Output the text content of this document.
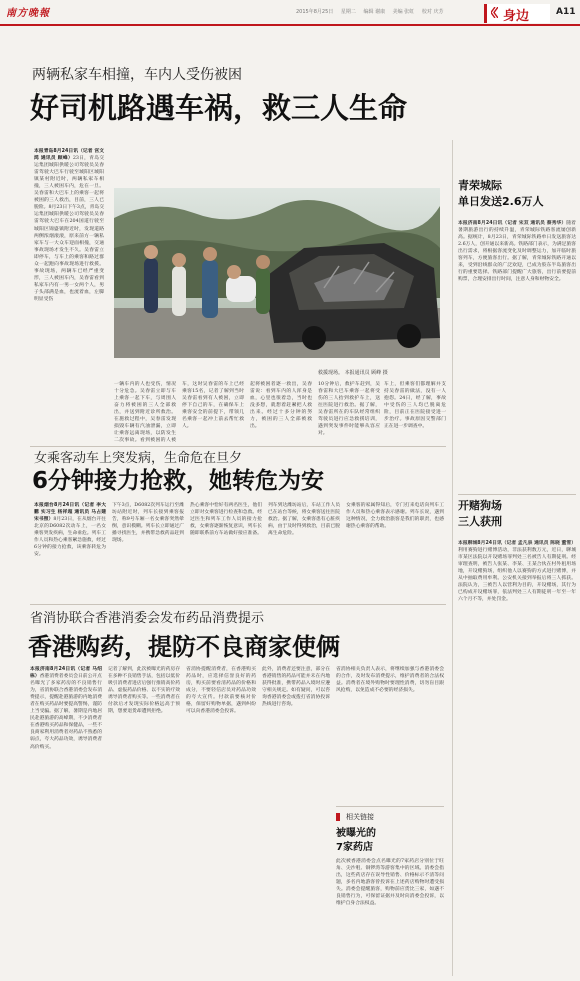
南方晚報	2015年8月25日 星期二 编辑 谢康 美编 张虹 校对 庆芳	身边	A11
两辆私家车相撞，车内人受伤被困
好司机路遇车祸，救三人生命
本报青岛8月24日讯（记者 宫文鸿 通讯员 顾峰）23日，青岛交运集团城阳供暖公司驾驶员吴春雷驾驶大巴车行驶至城阳区城阳镇某村附近时，两辆私家车相撞，三人被困车内，危在一旦。吴春雷和大巴车上的乘客一起将被困的三人救出，目前，三人已脱险。8月23日下午3点，青岛交运集团城阳供暖公司驾驶员吴春雷驾驶大巴车在204国道行驶至城阳区锦盛镇附近时，发现道路两侧浓烟滚滚，原来前方一辆私家车与一大众车迎面相撞，交通事故现场才发生不久。吴春雷立即停车，与车上的乘客和路过群众一起跑向事故现场进行救援。事故现场，两辆车已经严重变形，三人被困车内，吴春雷看到私家车内有一男一女两个人，男子头部满是血，也流着血，左脚明显受伤
救援现场。 本报通讯员 顾峰 摄
一辆车内的人也受伤，情况十分危急。吴春雷立即与车上乘客一起下车，与周围人奋力将被困的三人全部救出，并送到附近诊所救治。在施救过程中，吴春雷发现损毁车辆有汽油泄漏，立即让乘客远离现场，以防发生二次事故。看到被困的人被
车，这时吴春雷的车上已经乘客15名，记者了解到当时吴春雷看到有人被困，立即停下自己的车，在确保车上乘客安全的前提下，带领几名乘客一起冲上前去帮忙救人。
起将被困者逐一救出，吴春雷说：看到车内的人浑身是血，心里也很着急，当时也没多想，就想着赶紧把人救出来。经过十多分钟的努力，被困的三人全部被救出。
10分钟后，救护车赶到，吴春雷和大巴车乘客一起将受伤的三人抬到救护车上，送往医院进行救治。据了解，吴春雷所在的车队经常组织驾驶员进行应急救援培训，遇到突发事件时能够从容应对。
车上，但乘客们都理解并支持吴春雷的做法，没有一人抱怨。24日，经了解，事故中受伤的三人均已脱离危险，目前正在医院接受进一步治疗。事故原因交警部门正在进一步调查中。
女乘客动车上突发病，生命危在旦夕
6分钟接力抢救，她转危为安
本报烟台8月24日讯（记者 李大鹏 实习生 杨祥超 通讯员 马占建 宋书照）8月23日，在从烟台开往北京的D6082次动车上，一名女乘客突发疾病，生命垂危。列车工作人员和热心乘客紧急施救，经过6分钟的接力抢救，该乘客转危为安。
下午3点，D6082次列车运行至潍坊站附近时，列车长接到乘客报告，称9号车厢一名女乘客突然晕倒，意识模糊。列车长立即通过广播寻找医生，并携带急救药品赶到现场。
热心乘客中恰好有两名医生，他们立即对女乘客进行检查和急救。经过医生和列车工作人员的接力抢救，女乘客逐渐恢复意识，列车长随即联系前方车站做好接应准备。
列车到达潍坊站后，车站工作人员已在站台等候，将女乘客送往医院救治。据了解，女乘客患有心脏疾病，由于及时得到救治，目前已脱离生命危险。
女乘客的家属得知后，专门打来电话向列车工作人员和热心乘客表示感谢。列车长说，遇到这种情况，全力救治旅客是我们的职责，也感谢热心乘客的帮助。
省消协联合香港消委会发布药品消费提示
香港购药，提防不良商家使俩
本报济南8月24日讯（记者 马绍栋）香港消费者委员会日前公开点名曝光了多家药房的不良销售行为，省消协联合香港消委会发布消费提示，提醒赴港旅游的内地消费者在购买药品时要提高警惕，谨防上当受骗。据了解，暑期是内地居民赴港旅游的高峰期，不少消费者在香港购买药品和保健品，一些不良商家利用消费者对药品不熟悉的弱点，夸大药品功效，诱导消费者高价购买。
记者了解到，此次被曝光的药房存在多种不良销售手法，包括以低价吸引消费者进店后强行推销高价药品、虚报药品价格、以不实的疗效诱导消费者购买等。一些消费者在付款后才发现实际价格远高于预期，想要退货却遭到拒绝。
省消协提醒消费者，在香港购买药品时，应选择信誉良好的药房，购买前要看清药品的价格和成分，不要轻信店员对药品功效的夸大宣传。付款前要核对价格，保留好购物单据，遇到纠纷可以向香港消委会投诉。
此外，消费者还要注意，部分在香港销售的药品可能并未在内地获得批准，携带药品入境时应遵守相关规定。如有疑问，可以咨询香港消委会或拨打省消协投诉热线进行咨询。
此次被香港消委会点名曝光的7家药店分别位于旺角、尖沙咀、铜锣湾等游客集中的区域。消委会指出，这些药店存在误导性销售、价格标示不清等问题，多名内地游客曾投诉在上述药店购物时遭受损失。消委会提醒旅客，购物前应货比三家，如遇不良销售行为，可保留证据并及时向消委会投诉，以维护自身合法权益。
相关链接
被曝光的
7家药店
省消协相关负责人表示，将继续加强与香港消委会的合作，及时发布消费提示，维护消费者的合法权益。消费者在境外购物时要理性消费，切勿盲目跟风抢购，以免造成不必要的经济损失。
青荣城际
单日发送2.6万人
本报济南8月24日讯（记者 宋双 通讯员 蔡秀华）随着暑期旅游出行的持续升温，青荣城际铁路客流屡创新高。据统计，8月23日，青荣城际铁路单日发送旅客达2.6万人，创开通以来新高。铁路部门表示，为满足旅客出行需求，将根据客流变化及时调整运力，加开临时旅客列车，方便旅客出行。据了解，青荣城际铁路开通以来，受到沿线群众的广泛欢迎，已成为胶东半岛旅客出行的重要选择。铁路部门提醒广大旅客，出行前要提前购票，合理安排出行时间，注意人身和财物安全。
开赌狗场
三人获刑
本报聊城8月24日讯（记者 孟凡泉 通讯员 陈晓 董雪）利用赛狗进行赌博活动，非法获利数万元，近日，聊城市某区法院以开设赌场罪判处三名被告人有期徒刑。经审理查明，被告人张某、李某、王某合伙在村外租用场地，开设赌狗场，组织他人以赛狗的方式进行赌博，并从中抽取费用牟利。公安机关接到举报后将三人抓获。法院认为，三被告人以营利为目的，开设赌场，其行为已构成开设赌场罪，依法判处三人有期徒刑一年至一年六个月不等，并处罚金。
